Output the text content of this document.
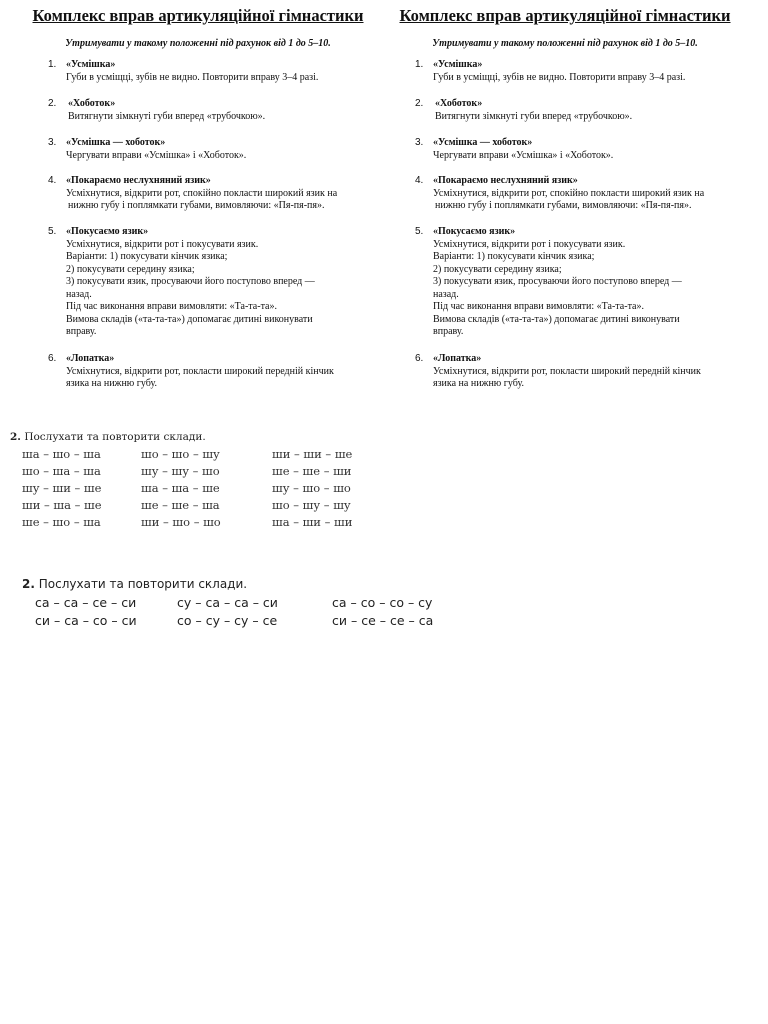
Комплекс вправ артикуляційної гімнастики
Утримувати у такому положенні під рахунок від 1 до 5–10.
1. «Усмішка»
Губи в усміщці, зубів не видно. Повторити вправу 3–4 разі.
2. «Хоботок»
Витягнути зімкнуті губи вперед «трубочкою».
3. «Усмішка — хоботок»
Чергувати вправи «Усмішка» і «Хоботок».
4. «Покараємо неслухняний язик»
Усміхнутися, відкрити рот, спокійно покласти широкий язик на
нижню губу і поплямкати губами, вимовляючи: «Пя-пя-пя».
5. «Покусаємо язик»
Усміхнутися, відкрити рот і покусувати язик.
Варіанти: 1) покусувати кінчик язика;
2) покусувати середину язика;
3) покусувати язик, просуваючи його поступово вперед —
назад.
Під час виконання вправи вимовляти: «Та-та-та».
Вимова складів («та-та-та») допомагає дитині виконувати
вправу.
6. «Лопатка»
Усміхнутися, відкрити рот, покласти широкий передній кінчик
язика на нижню губу.
Комплекс вправ артикуляційної гімнастики
Утримувати у такому положенні під рахунок від 1 до 5–10.
1. «Усмішка»
Губи в усміщці, зубів не видно. Повторити вправу 3–4 разі.
2. «Хоботок»
Витягнути зімкнуті губи вперед «трубочкою».
3. «Усмішка — хоботок»
Чергувати вправи «Усмішка» і «Хоботок».
4. «Покараємо неслухняний язик»
Усміхнутися, відкрити рот, спокійно покласти широкий язик на
нижню губу і поплямкати губами, вимовляючи: «Пя-пя-пя».
5. «Покусаємо язик»
Усміхнутися, відкрити рот і покусувати язик.
Варіанти: 1) покусувати кінчик язика;
2) покусувати середину язика;
3) покусувати язик, просуваючи його поступово вперед —
назад.
Під час виконання вправи вимовляти: «Та-та-та».
Вимова складів («та-та-та») допомагає дитині виконувати
вправу.
6. «Лопатка»
Усміхнутися, відкрити рот, покласти широкий передній кінчик
язика на нижню губу.
2. Послухати та повторити склади.
ша – шо – ша
шо – ша – ша
шу – ши – ше
ши – ша – ше
ше – шо – ша
шо – шо – шу
шу – шу – шо
ша – ша – ше
ше – ше – ша
ши – шо – шо
ши – ши – ше
ше – ше – ши
шу – шо – шо
шо – шу – шу
ша – ши – ши
2. Послухати та повторити склади.
са – са – се – си
си – са – со – си
су – са – са – си
со – су – су – се
са – со – со – су
си – се – се – са
